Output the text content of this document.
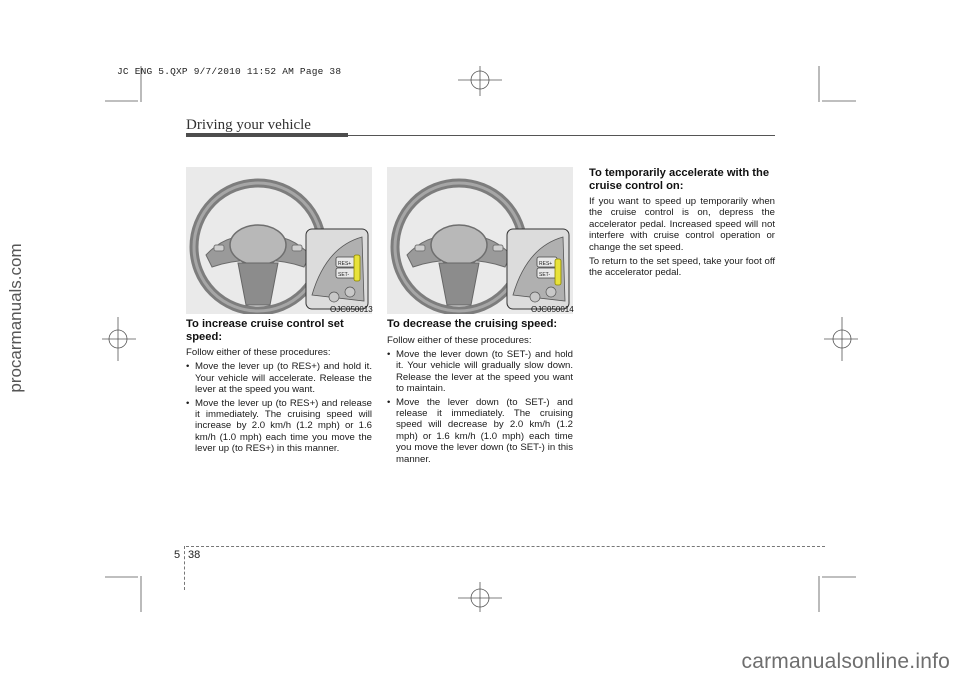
JC ENG 5.QXP 9/7/2010 11:52 AM Page 38
procarmanuals.com
carmanualsonline.info
Driving your vehicle
RES+
SET-
OJC050013
RES+
SET-
OJC050014
To increase cruise control set speed:

Follow either of these procedures:

• Move the lever up (to RES+) and hold it. Your vehicle will accelerate. Release the lever at the speed you want.
• Move the lever up (to RES+) and release it immediately. The cruising speed will increase by 2.0 km/h (1.2 mph) or 1.6 km/h (1.0 mph) each time you move the lever up (to RES+) in this manner.
To decrease the cruising speed:

Follow either of these procedures:

• Move the lever down (to SET-) and hold it. Your vehicle will gradually slow down. Release the lever at the speed you want to maintain.
• Move the lever down (to SET-) and release it immediately. The cruising speed will decrease by 2.0 km/h (1.2 mph) or 1.6 km/h (1.0 mph) each time you move the lever down (to SET-) in this manner.
To temporarily accelerate with the cruise control on:

If you want to speed up temporarily when the cruise control is on, depress the accelerator pedal. Increased speed will not interfere with cruise control operation or change the set speed.

To return to the set speed, take your foot off the accelerator pedal.

5 38
